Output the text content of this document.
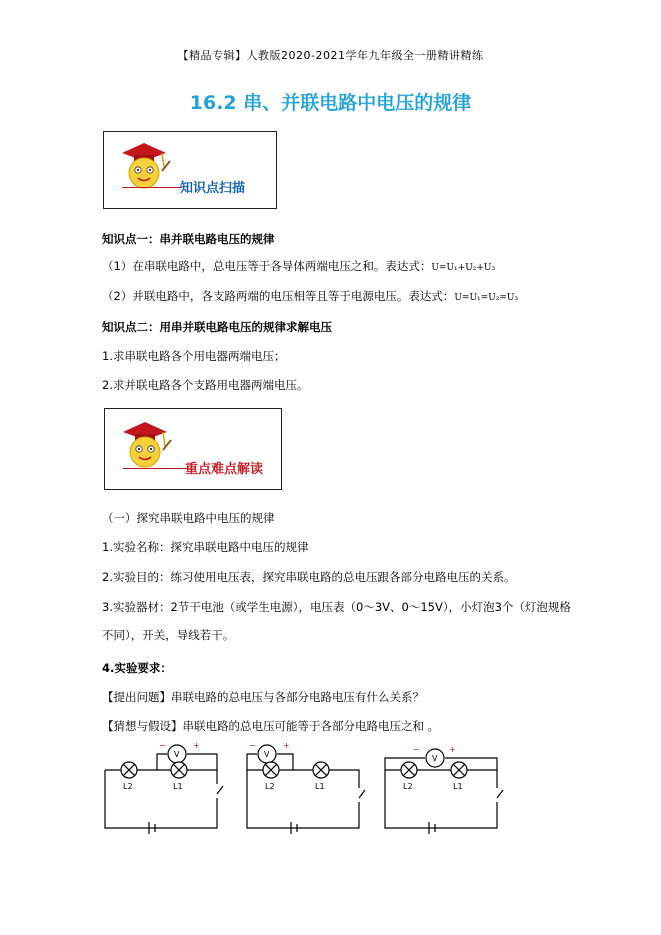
【精品专辑】人教版2020-2021学年九年级全一册精讲精练
16.2 串、并联电路中电压的规律
知识点扫描
知识点一：串并联电路电压的规律
（1）在串联电路中，总电压等于各导体两端电压之和。表达式：U=U₁+U₂+U₃
（2）并联电路中，各支路两端的电压相等且等于电源电压。表达式：U=U₁=U₂=U₃
知识点二：用串并联电路电压的规律求解电压
1.求串联电路各个用电器两端电压；
2.求并联电路各个支路用电器两端电压。
重点难点解读
（一）探究串联电路中电压的规律
1.实验名称：探究串联电路中电压的规律
2.实验目的：练习使用电压表，探究串联电路的总电压跟各部分电路电压的关系。
3.实验器材：2节干电池（或学生电源），电压表（0～3V、0～15V），小灯泡3个（灯泡规格
不同），开关，导线若干。
4.实验要求：
【提出问题】串联电路的总电压与各部分电路电压有什么关系？
【猜想与假设】串联电路的总电压可能等于各部分电路电压之和 。
V
−	+
L2	L1
V
−	+
L2	L1
V
−	+
L2	L1
